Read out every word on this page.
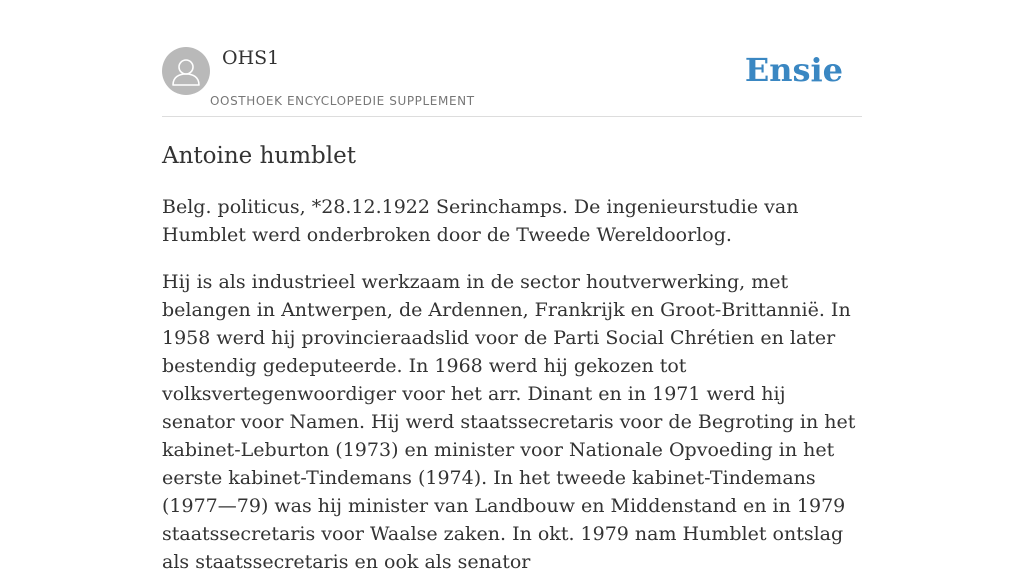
OHS1
OOSTHOEK ENCYCLOPEDIE SUPPLEMENT
Ensie
Antoine humblet

Belg. politicus, *28.12.1922 Serinchamps. De ingenieurstudie van Humblet werd onderbroken door de Tweede Wereldoorlog.

Hij is als industrieel werkzaam in de sector houtverwerking, met belangen in Antwerpen, de Ardennen, Frankrijk en Groot-Brittannië. In 1958 werd hij provincieraadslid voor de Parti Social Chrétien en later bestendig gedeputeerde. In 1968 werd hij gekozen tot volksvertegenwoordiger voor het arr. Dinant en in 1971 werd hij senator voor Namen. Hij werd staatssecretaris voor de Begroting in het kabinet-Leburton (1973) en minister voor Nationale Opvoeding in het eerste kabinet-Tindemans (1974). In het tweede kabinet-Tindemans (1977—79) was hij minister van Landbouw en Middenstand en in 1979 staatssecretaris voor Waalse zaken. In okt. 1979 nam Humblet ontslag als staatssecretaris en ook als senator
